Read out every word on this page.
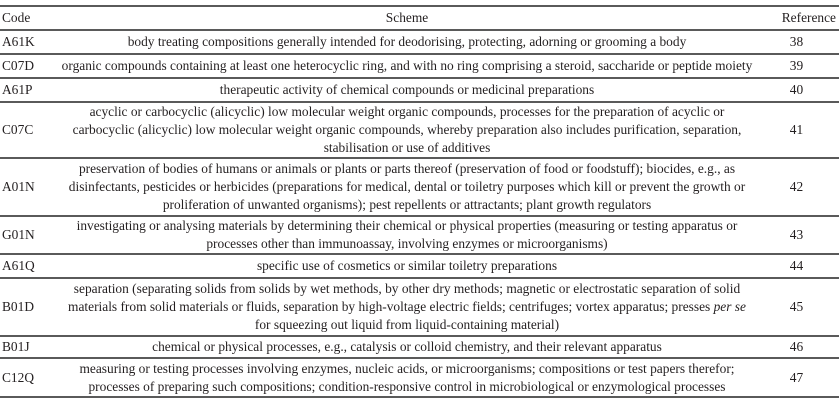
Code	Scheme	Reference
A61K	body treating compositions generally intended for deodorising, protecting, adorning or grooming a body	38
C07D	organic compounds containing at least one heterocyclic ring, and with no ring comprising a steroid, saccharide or peptide moiety	39
A61P	therapeutic activity of chemical compounds or medicinal preparations	40
C07C	acyclic or carbocyclic (alicyclic) low molecular weight organic compounds, processes for the preparation of acyclic or
carbocyclic (alicyclic) low molecular weight organic compounds, whereby preparation also includes purification, separation,
stabilisation or use of additives	41
A01N	preservation of bodies of humans or animals or plants or parts thereof (preservation of food or foodstuff); biocides, e.g., as
disinfectants, pesticides or herbicides (preparations for medical, dental or toiletry purposes which kill or prevent the growth or
proliferation of unwanted organisms); pest repellents or attractants; plant growth regulators	42
G01N	investigating or analysing materials by determining their chemical or physical properties (measuring or testing apparatus or
processes other than immunoassay, involving enzymes or microorganisms)	43
A61Q	specific use of cosmetics or similar toiletry preparations	44
B01D	separation (separating solids from solids by wet methods, by other dry methods; magnetic or electrostatic separation of solid
materials from solid materials or fluids, separation by high-voltage electric fields; centrifuges; vortex apparatus; presses per se
for squeezing out liquid from liquid-containing material)	45
B01J	chemical or physical processes, e.g., catalysis or colloid chemistry, and their relevant apparatus	46
C12Q	measuring or testing processes involving enzymes, nucleic acids, or microorganisms; compositions or test papers therefor;
processes of preparing such compositions; condition-responsive control in microbiological or enzymological processes	47
